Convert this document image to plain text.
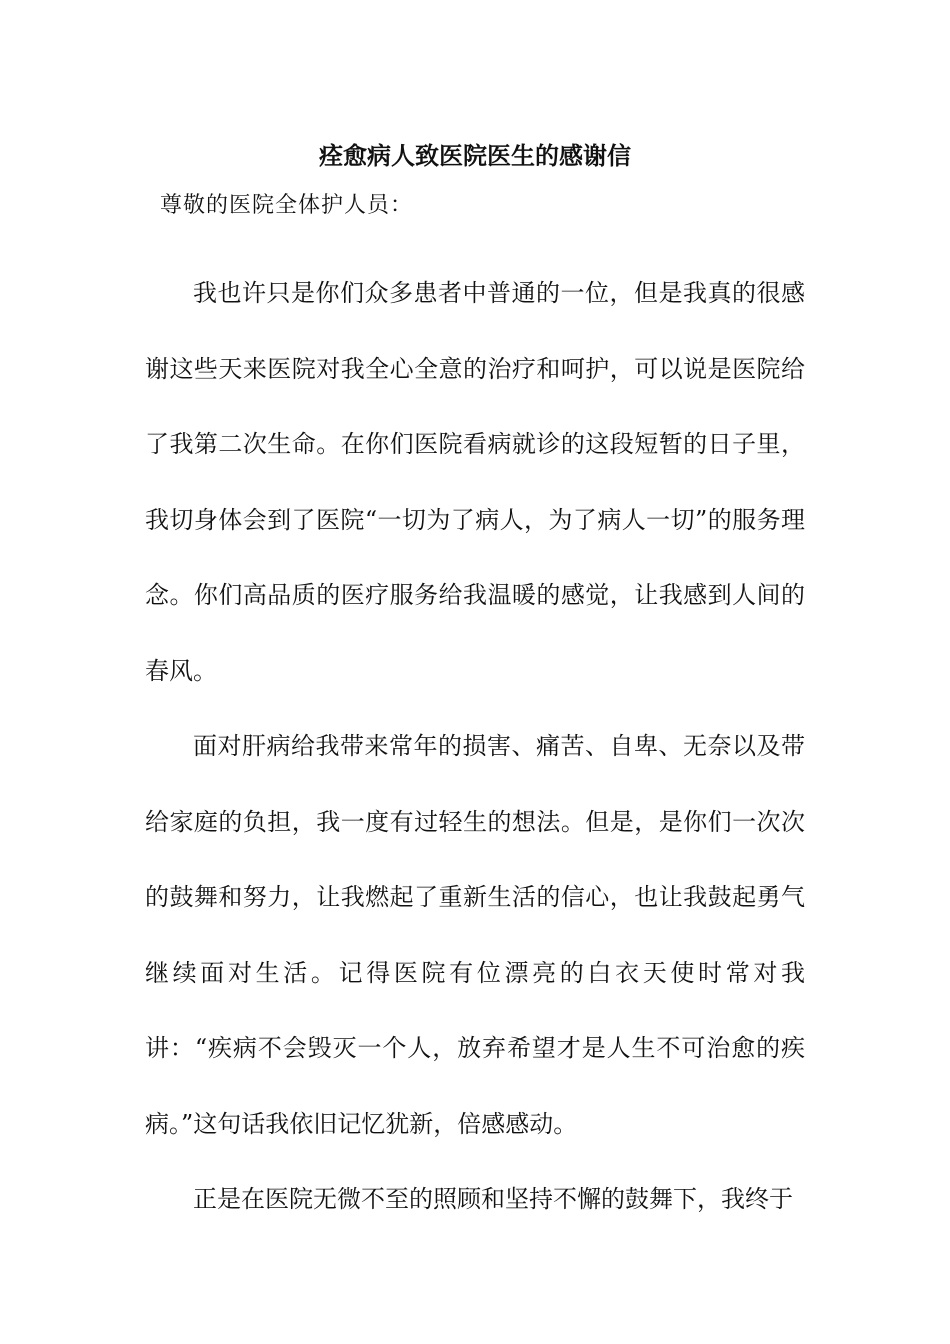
痊愈病人致医院医生的感谢信
尊敬的医院全体护人员：

我也许只是你们众多患者中普通的一位，但是我真的很感谢这些天来医院对我全心全意的治疗和呵护，可以说是医院给了我第二次生命。在你们医院看病就诊的这段短暂的日子里，我切身体会到了医院“一切为了病人，为了病人一切”的服务理念。你们高品质的医疗服务给我温暖的感觉，让我感到人间的春风。

面对肝病给我带来常年的损害、痛苦、自卑、无奈以及带给家庭的负担，我一度有过轻生的想法。但是，是你们一次次的鼓舞和努力，让我燃起了重新生活的信心，也让我鼓起勇气继续面对生活。记得医院有位漂亮的白衣天使时常对我讲：“疾病不会毁灭一个人，放弃希望才是人生不可治愈的疾病。”这句话我依旧记忆犹新，倍感感动。

正是在医院无微不至的照顾和坚持不懈的鼓舞下，我终于
